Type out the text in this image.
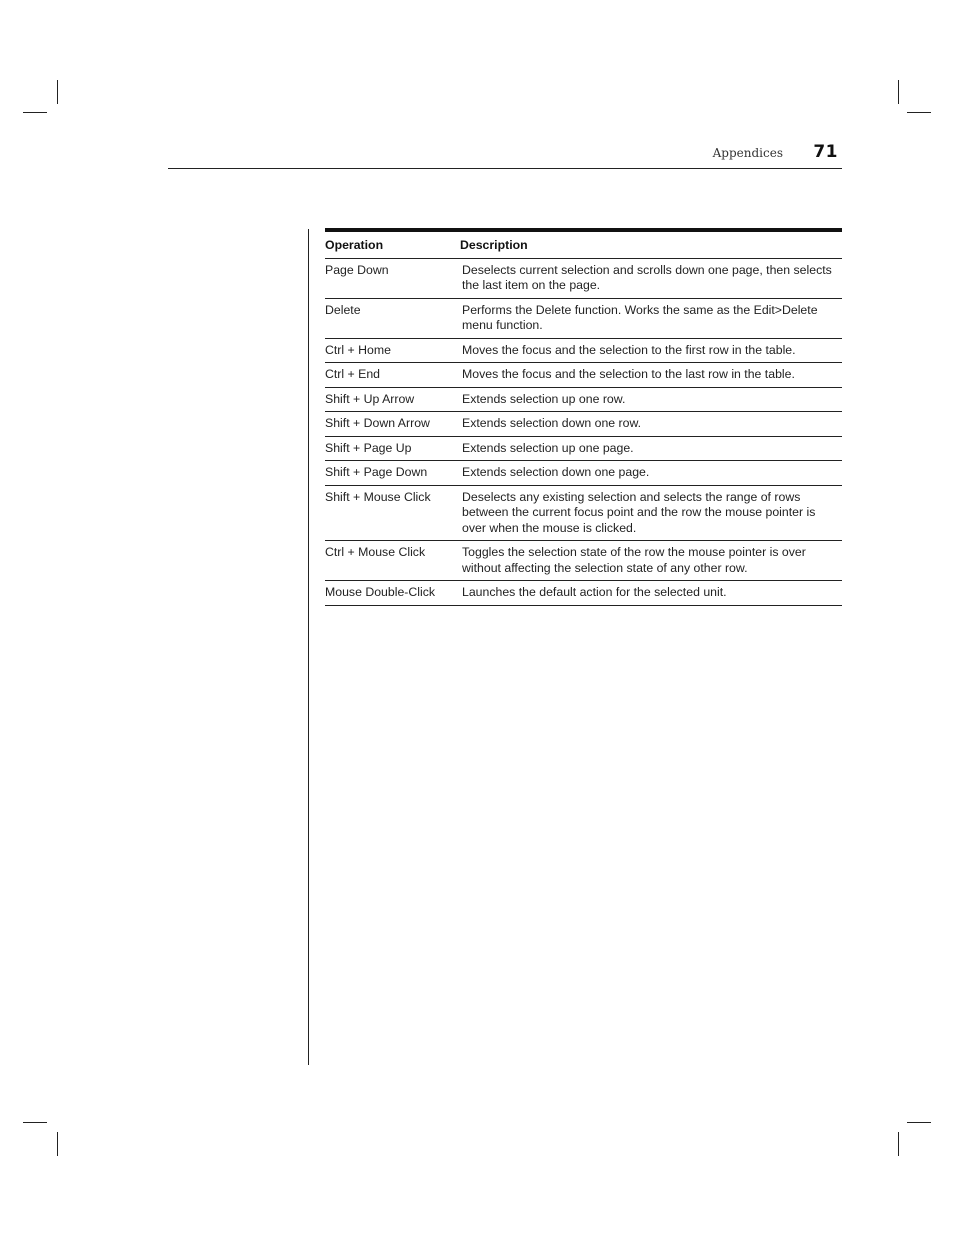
Appendices	71
Operation	Description
Page Down	Deselects current selection and scrolls down one page, then selects the last item on the page.
Delete	Performs the Delete function. Works the same as the Edit>Delete menu function.
Ctrl + Home	Moves the focus and the selection to the first row in the table.
Ctrl + End	Moves the focus and the selection to the last row in the table.
Shift + Up Arrow	Extends selection up one row.
Shift + Down Arrow	Extends selection down one row.
Shift + Page Up	Extends selection up one page.
Shift + Page Down	Extends selection down one page.
Shift + Mouse Click	Deselects any existing selection and selects the range of rows between the current focus point and the row the mouse pointer is over when the mouse is clicked.
Ctrl + Mouse Click	Toggles the selection state of the row the mouse pointer is over without affecting the selection state of any other row.
Mouse Double-Click	Launches the default action for the selected unit.
